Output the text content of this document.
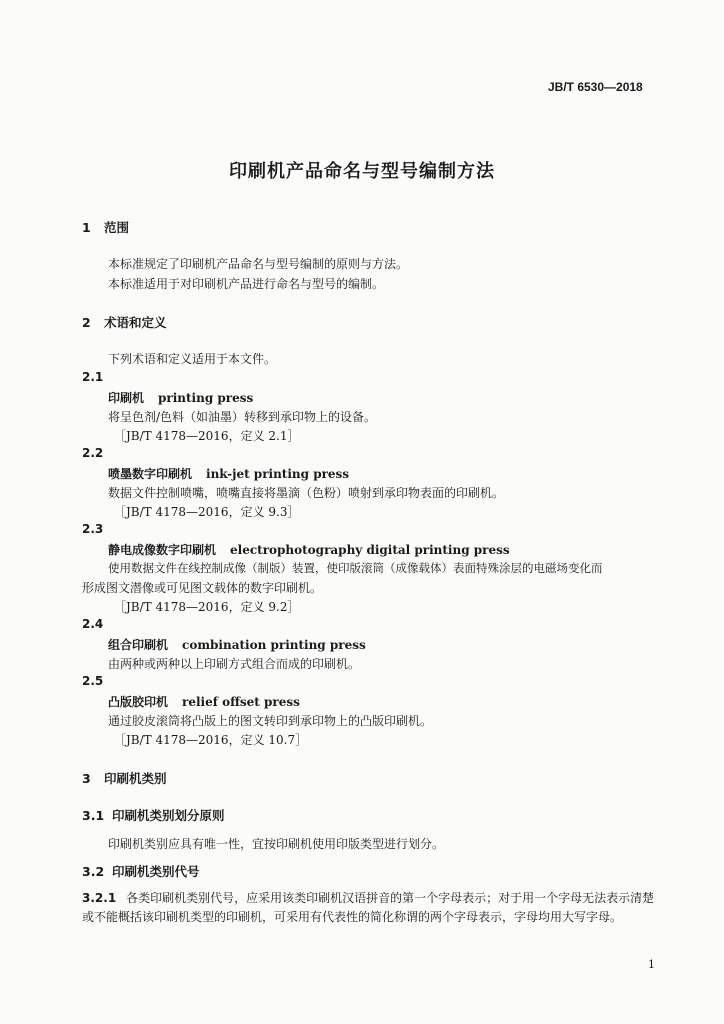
JB/T 6530—2018
印刷机产品命名与型号编制方法
1 范围
本标准规定了印刷机产品命名与型号编制的原则与方法。
本标准适用于对印刷机产品进行命名与型号的编制。
2 术语和定义
下列术语和定义适用于本文件。
2.1
印刷机 printing press
将呈色剂/色料（如油墨）转移到承印物上的设备。
［JB/T 4178—2016，定义 2.1］
2.2
喷墨数字印刷机 ink-jet printing press
数据文件控制喷嘴，喷嘴直接将墨滴（色粉）喷射到承印物表面的印刷机。
［JB/T 4178—2016，定义 9.3］
2.3
静电成像数字印刷机 electrophotography digital printing press
使用数据文件在线控制成像（制版）装置，使印版滚筒（成像载体）表面特殊涂层的电磁场变化而
形成图文潜像或可见图文载体的数字印刷机。
［JB/T 4178—2016，定义 9.2］
2.4
组合印刷机 combination printing press
由两种或两种以上印刷方式组合而成的印刷机。
2.5
凸版胶印机 relief offset press
通过胶皮滚筒将凸版上的图文转印到承印物上的凸版印刷机。
［JB/T 4178—2016，定义 10.7］
3 印刷机类别
3.1 印刷机类别划分原则
印刷机类别应具有唯一性，宜按印刷机使用印版类型进行划分。
3.2 印刷机类别代号
3.2.1 各类印刷机类别代号，应采用该类印刷机汉语拼音的第一个字母表示；对于用一个字母无法表示清楚或不能概括该印刷机类型的印刷机，可采用有代表性的简化称谓的两个字母表示，字母均用大写字母。
1
